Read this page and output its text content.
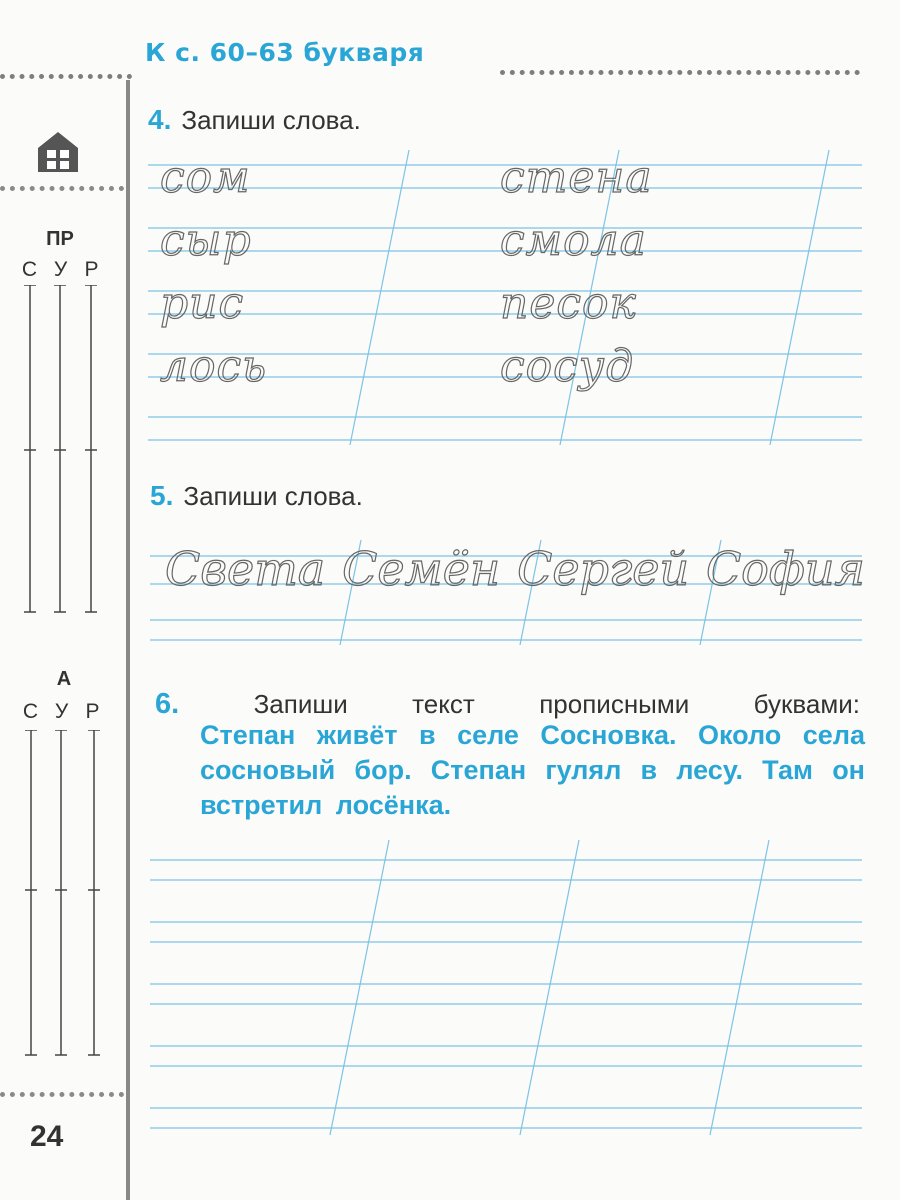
К с. 60–63 букваря
ПР
С У Р
А
С У Р
24
4. Запиши слова.
сом
сыр
рис
лось
стена
смола
песок
сосуд
5. Запиши слова.
Света Семён Сергей София
6.	Запиши текст прописными буквами:
Степан живёт в селе Сосновка. Около села сосновый бор. Степан гулял в лесу. Там он встретил лосёнка.
